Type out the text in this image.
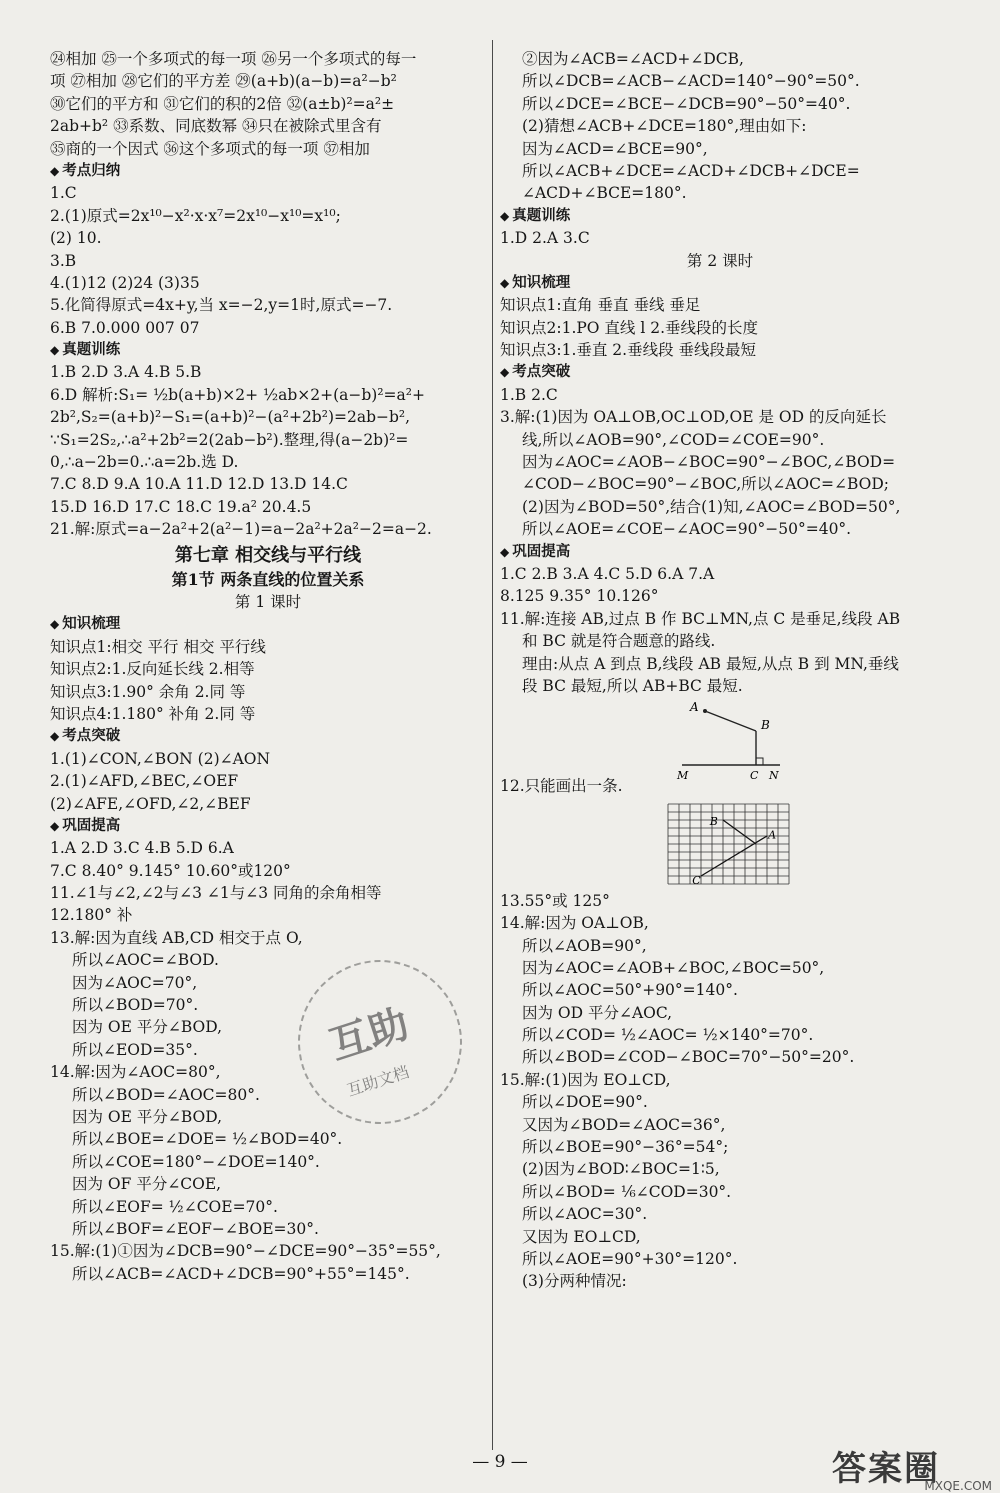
㉔相加 ㉕一个多项式的每一项 ㉖另一个多项式的每一
项 ㉗相加 ㉘它们的平方差 ㉙(a+b)(a−b)=a²−b²
㉚它们的平方和 ㉛它们的积的2倍 ㉜(a±b)²=a²±
2ab+b² ㉝系数、同底数幂 ㉞只在被除式里含有
㉟商的一个因式 ㊱这个多项式的每一项 ㊲相加
◆ 考点归纳
1.C
2.(1)原式=2x¹⁰−x²·x·x⁷=2x¹⁰−x¹⁰=x¹⁰;
(2) 10.
3.B
4.(1)12 (2)24 (3)35
5.化简得原式=4x+y,当 x=−2,y=1时,原式=−7.
6.B 7.0.000 007 07
◆ 真题训练
1.B 2.D 3.A 4.B 5.B
6.D 解析:S₁= ½b(a+b)×2+ ½ab×2+(a−b)²=a²+
2b²,S₂=(a+b)²−S₁=(a+b)²−(a²+2b²)=2ab−b²,
∵S₁=2S₂,∴a²+2b²=2(2ab−b²).整理,得(a−2b)²=
0,∴a−2b=0.∴a=2b.选 D.
7.C 8.D 9.A 10.A 11.D 12.D 13.D 14.C
15.D 16.D 17.C 18.C 19.a² 20.4.5
21.解:原式=a−2a²+2(a²−1)=a−2a²+2a²−2=a−2.
第七章 相交线与平行线
第1节 两条直线的位置关系
第 1 课时
◆ 知识梳理
知识点1:相交 平行 相交 平行线
知识点2:1.反向延长线 2.相等
知识点3:1.90° 余角 2.同 等
知识点4:1.180° 补角 2.同 等
◆ 考点突破
1.(1)∠CON,∠BON (2)∠AON
2.(1)∠AFD,∠BEC,∠OEF
(2)∠AFE,∠OFD,∠2,∠BEF
◆ 巩固提高
1.A 2.D 3.C 4.B 5.D 6.A
7.C 8.40° 9.145° 10.60°或120°
11.∠1与∠2,∠2与∠3 ∠1与∠3 同角的余角相等
12.180° 补
13.解:因为直线 AB,CD 相交于点 O,
所以∠AOC=∠BOD.
因为∠AOC=70°,
所以∠BOD=70°.
因为 OE 平分∠BOD,
所以∠EOD=35°.
14.解:因为∠AOC=80°,
所以∠BOD=∠AOC=80°.
因为 OE 平分∠BOD,
所以∠BOE=∠DOE= ½∠BOD=40°.
所以∠COE=180°−∠DOE=140°.
因为 OF 平分∠COE,
所以∠EOF= ½∠COE=70°.
所以∠BOF=∠EOF−∠BOE=30°.
15.解:(1)①因为∠DCB=90°−∠DCE=90°−35°=55°,
所以∠ACB=∠ACD+∠DCB=90°+55°=145°.
②因为∠ACB=∠ACD+∠DCB,
所以∠DCB=∠ACB−∠ACD=140°−90°=50°.
所以∠DCE=∠BCE−∠DCB=90°−50°=40°.
(2)猜想∠ACB+∠DCE=180°,理由如下:
因为∠ACD=∠BCE=90°,
所以∠ACB+∠DCE=∠ACD+∠DCB+∠DCE=
∠ACD+∠BCE=180°.
◆ 真题训练
1.D 2.A 3.C
第 2 课时
◆ 知识梳理
知识点1:直角 垂直 垂线 垂足
知识点2:1.PO 直线 l 2.垂线段的长度
知识点3:1.垂直 2.垂线段 垂线段最短
◆ 考点突破
1.B 2.C
3.解:(1)因为 OA⊥OB,OC⊥OD,OE 是 OD 的反向延长
线,所以∠AOB=90°,∠COD=∠COE=90°.
因为∠AOC=∠AOB−∠BOC=90°−∠BOC,∠BOD=
∠COD−∠BOC=90°−∠BOC,所以∠AOC=∠BOD;
(2)因为∠BOD=50°,结合(1)知,∠AOC=∠BOD=50°,
所以∠AOE=∠COE−∠AOC=90°−50°=40°.
◆ 巩固提高
1.C 2.B 3.A 4.C 5.D 6.A 7.A
8.125 9.35° 10.126°
11.解:连接 AB,过点 B 作 BC⊥MN,点 C 是垂足,线段 AB
和 BC 就是符合题意的路线.
理由:从点 A 到点 B,线段 AB 最短,从点 B 到 MN,垂线
段 BC 最短,所以 AB+BC 最短.
A
B
M	C N
12.只能画出一条.
B
A
C
13.55°或 125°
14.解:因为 OA⊥OB,
所以∠AOB=90°,
因为∠AOC=∠AOB+∠BOC,∠BOC=50°,
所以∠AOC=50°+90°=140°.
因为 OD 平分∠AOC,
所以∠COD= ½∠AOC= ½×140°=70°.
所以∠BOD=∠COD−∠BOC=70°−50°=20°.
15.解:(1)因为 EO⊥CD,
所以∠DOE=90°.
又因为∠BOD=∠AOC=36°,
所以∠BOE=90°−36°=54°;
(2)因为∠BOD∶∠BOC=1∶5,
所以∠BOD= ⅙∠COD=30°.
所以∠AOC=30°.
又因为 EO⊥CD,
所以∠AOE=90°+30°=120°.
(3)分两种情况:
互助
互助文档
— 9 —	答案圈
MXQE.COM
